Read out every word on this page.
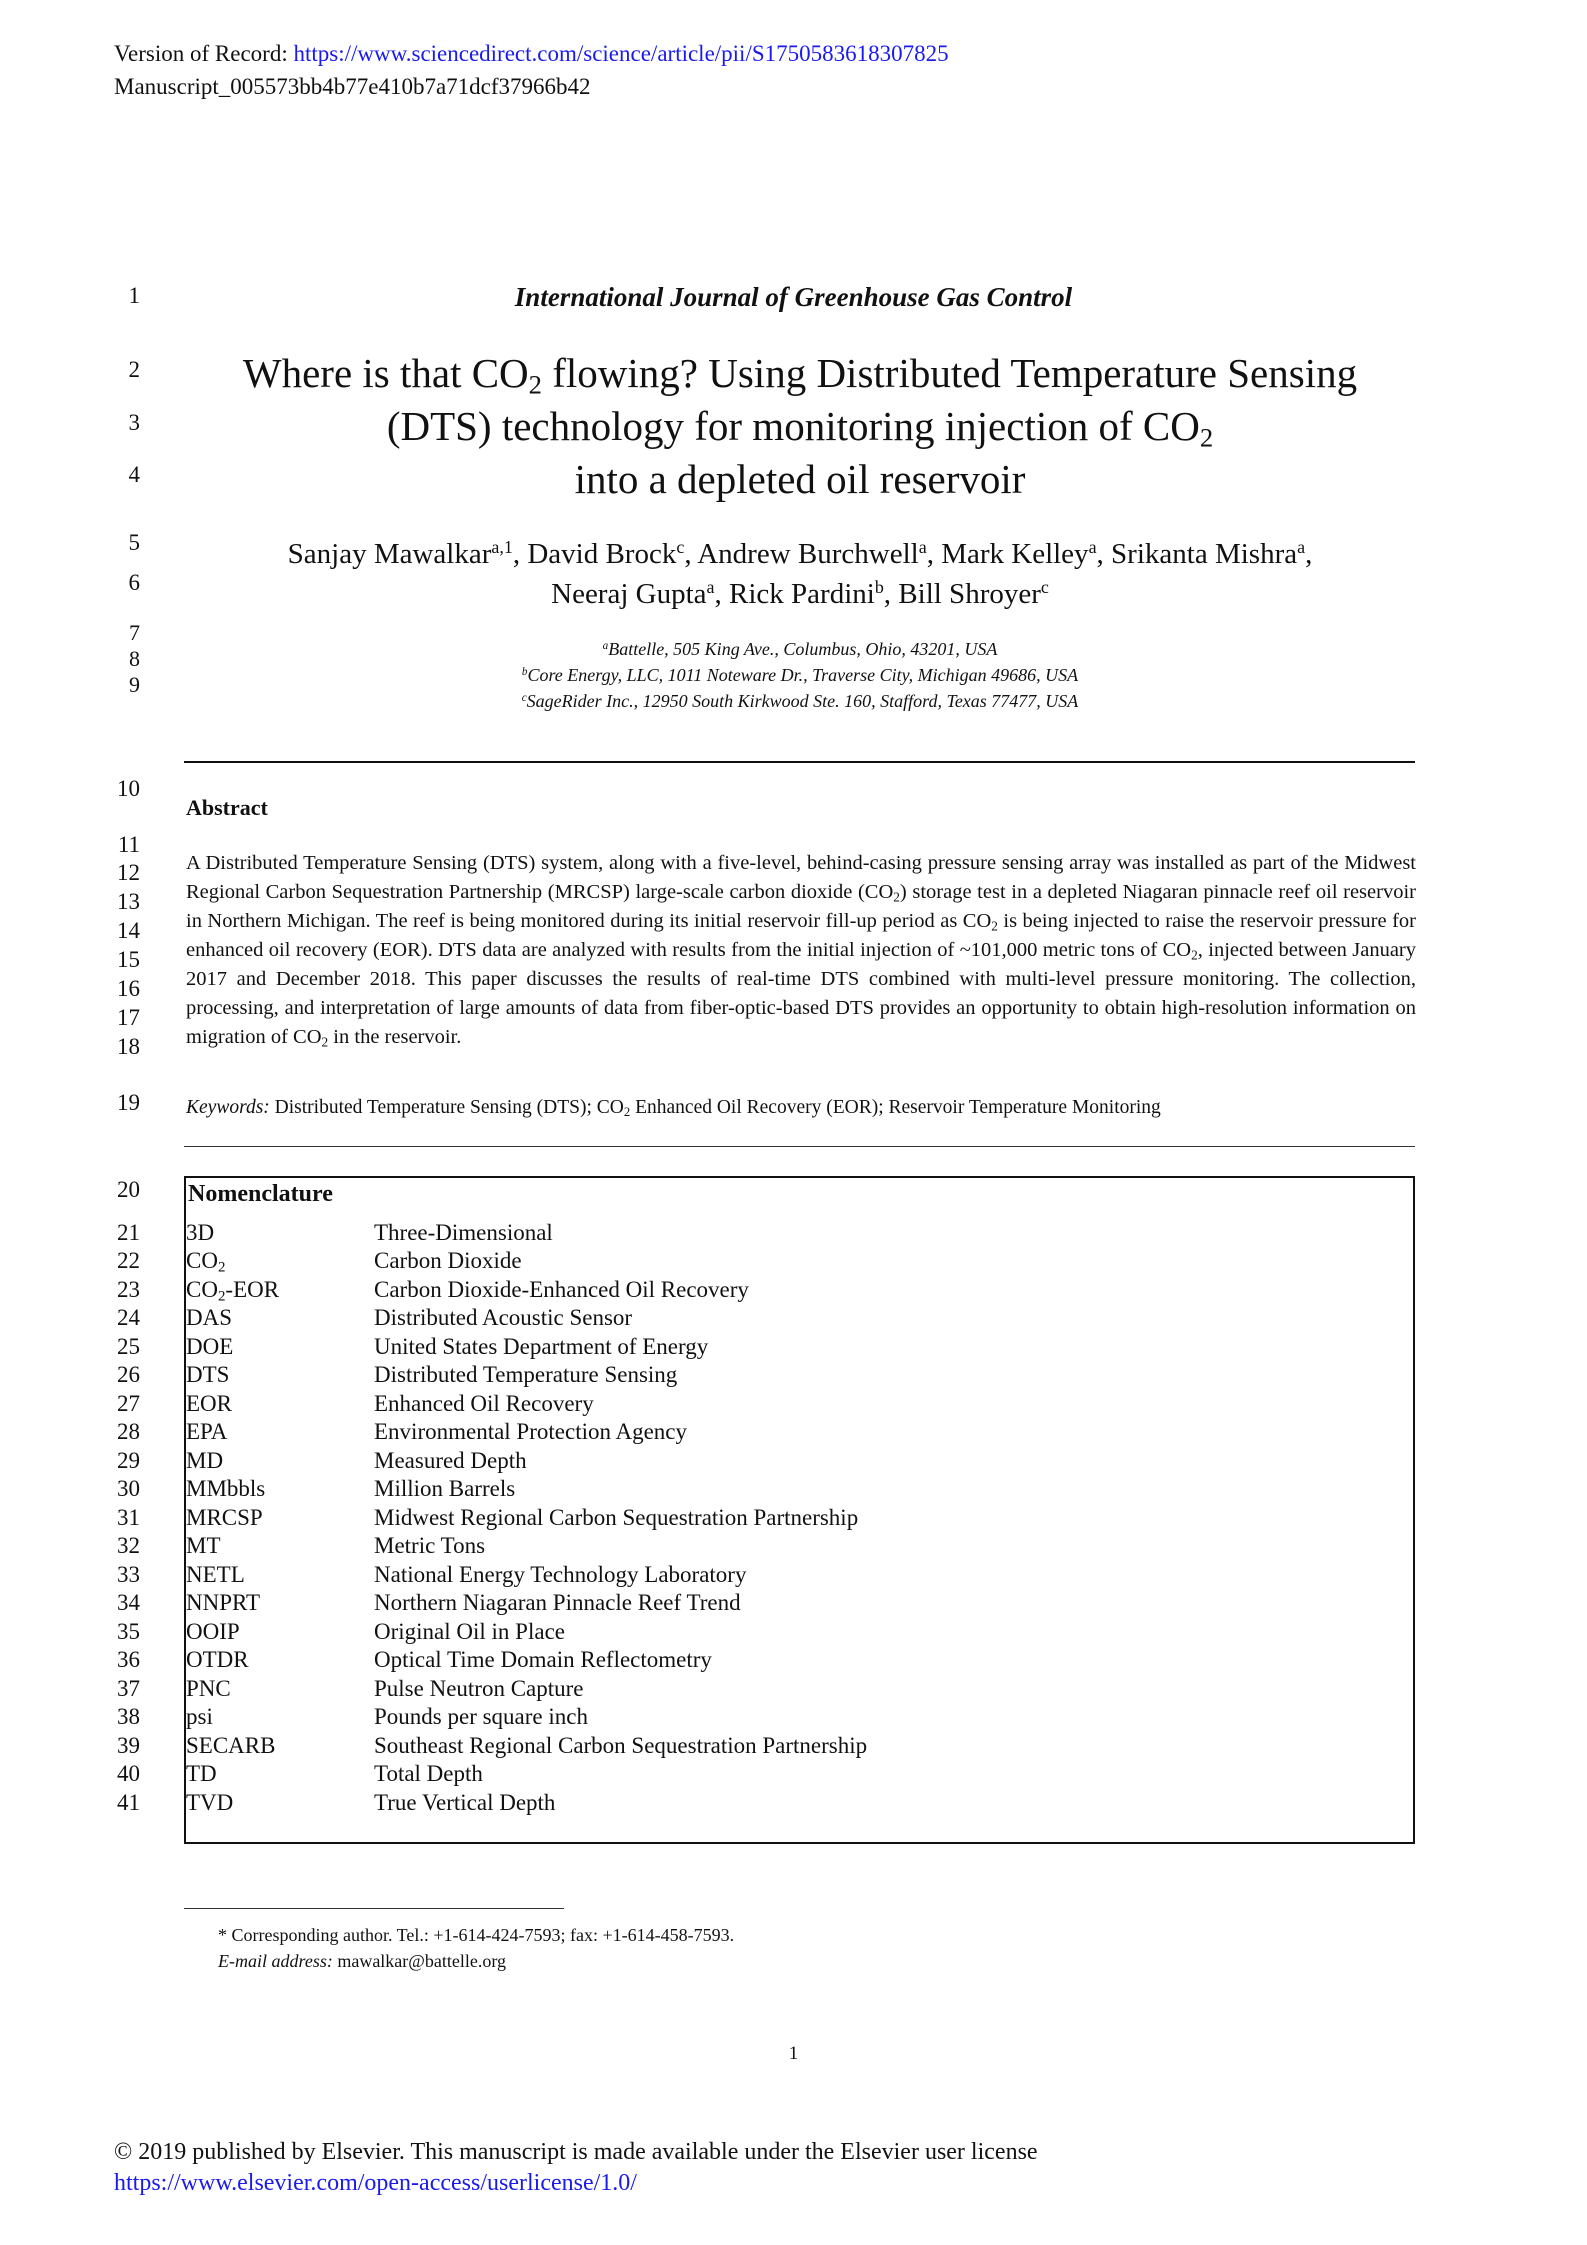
Version of Record: https://www.sciencedirect.com/science/article/pii/S1750583618307825
Manuscript_005573bb4b77e410b7a71dcf37966b42
1
2
3
4
5
6
7
8
9
10
11
12
13
14
15
16
17
18
19
20
21
22
23
24
25
26
27
28
29
30
31
32
33
34
35
36
37
38
39
40
41
International Journal of Greenhouse Gas Control
Where is that $CO_2$ flowing? Using Distributed Temperature Sensing
(DTS) technology for monitoring injection of $CO_2$
into a depleted oil reservoir
Sanjay Mawalkar$^{a,1}$, David Brock$^c$, Andrew Burchwell$^a$, Mark Kelley$^a$, Srikanta Mishra$^a$,
Neeraj Gupta$^a$, Rick Pardini$^b$, Bill Shroyer$^c$
$^a$Battelle, 505 King Ave., Columbus, Ohio, 43201, USA
$^b$Core Energy, LLC, 1011 Noteware Dr., Traverse City, Michigan 49686, USA
$^c$SageRider Inc., 12950 South Kirkwood Ste. 160, Stafford, Texas 77477, USA
Abstract
A Distributed Temperature Sensing (DTS) system, along with a five-level, behind-casing pressure sensing array was installed as part of the Midwest Regional Carbon Sequestration Partnership (MRCSP) large-scale carbon dioxide $(CO_2)$ storage test in a depleted Niagaran pinnacle reef oil reservoir in Northern Michigan. The reef is being monitored during its initial reservoir fill-up period as $CO_2$ is being injected to raise the reservoir pressure for enhanced oil recovery (EOR). DTS data are analyzed with results from the initial injection of ~101,000 metric tons of $CO_2$, injected between January 2017 and December 2018. This paper discusses the results of real-time DTS combined with multi-level pressure monitoring. The collection, processing, and interpretation of large amounts of data from fiber-optic-based DTS provides an opportunity to obtain high-resolution information on migration of $CO_2$ in the reservoir.
Keywords: Distributed Temperature Sensing (DTS); $CO_2$ Enhanced Oil Recovery (EOR); Reservoir Temperature Monitoring
Nomenclature
3D	Three-Dimensional
$CO_2$	Carbon Dioxide
$CO_2$-EOR	Carbon Dioxide-Enhanced Oil Recovery
DAS	Distributed Acoustic Sensor
DOE	United States Department of Energy
DTS	Distributed Temperature Sensing
EOR	Enhanced Oil Recovery
EPA	Environmental Protection Agency
MD	Measured Depth
MMbbls	Million Barrels
MRCSP	Midwest Regional Carbon Sequestration Partnership
MT	Metric Tons
NETL	National Energy Technology Laboratory
NNPRT	Northern Niagaran Pinnacle Reef Trend
OOIP	Original Oil in Place
OTDR	Optical Time Domain Reflectometry
PNC	Pulse Neutron Capture
psi	Pounds per square inch
SECARB	Southeast Regional Carbon Sequestration Partnership
TD	Total Depth
TVD	True Vertical Depth
* Corresponding author. Tel.: +1-614-424-7593; fax: +1-614-458-7593.
E-mail address: mawalkar@battelle.org
1
© 2019 published by Elsevier. This manuscript is made available under the Elsevier user license
https://www.elsevier.com/open-access/userlicense/1.0/
